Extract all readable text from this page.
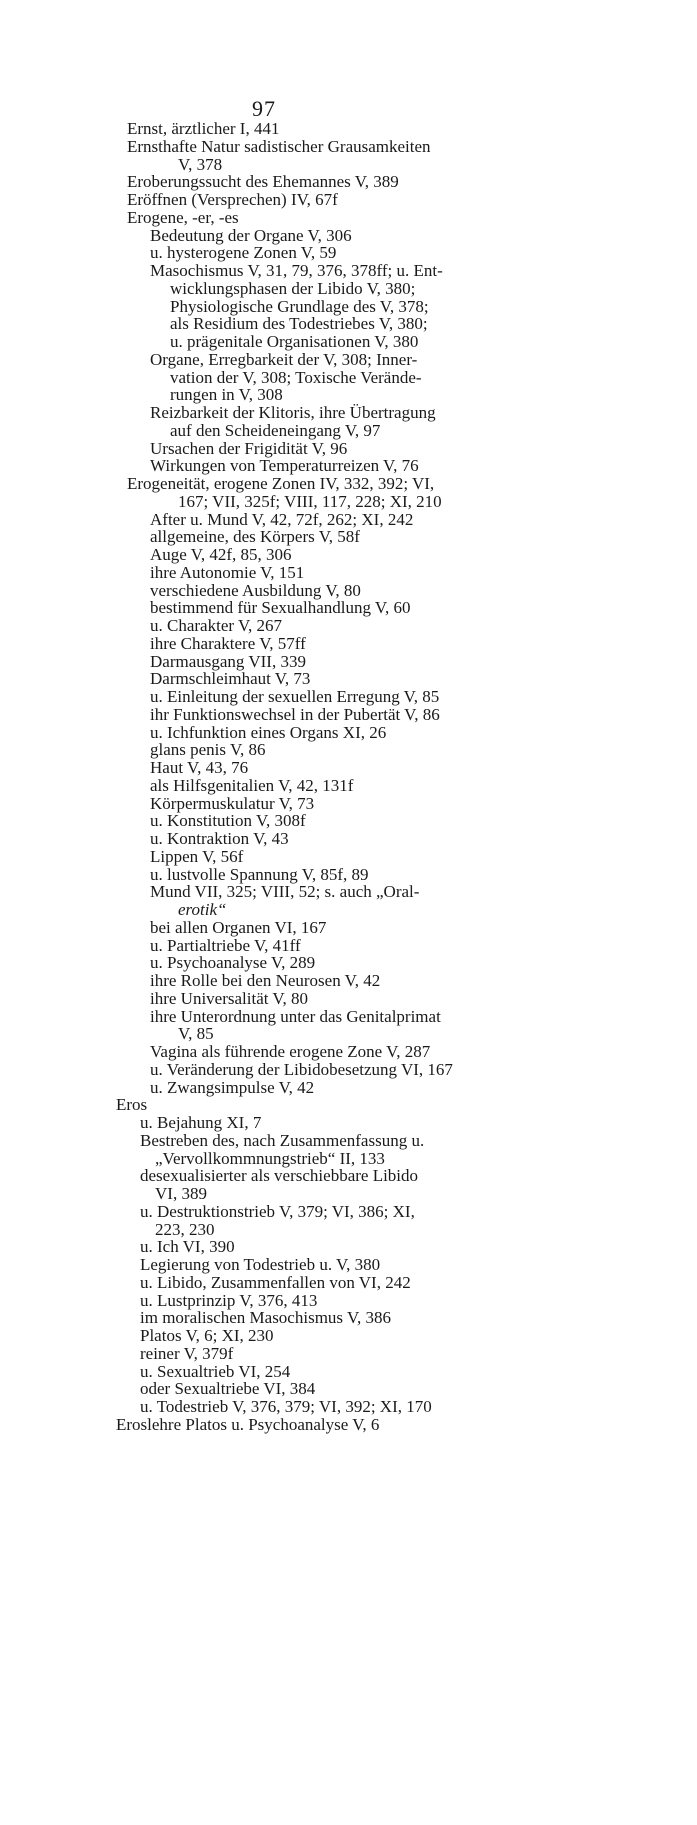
97
Ernst, ärztlicher I, 441
Ernsthafte Natur sadistischer Grausamkeiten
V, 378
Eroberungssucht des Ehemannes V, 389
Eröffnen (Versprechen) IV, 67f
Erogene, -er, -es
Bedeutung der Organe V, 306
u. hysterogene Zonen V, 59
Masochismus V, 31, 79, 376, 378ff; u. Ent-
wicklungsphasen der Libido V, 380;
Physiologische Grundlage des V, 378;
als Residium des Todestriebes V, 380;
u. prägenitale Organisationen V, 380
Organe, Erregbarkeit der V, 308; Inner-
vation der V, 308; Toxische Verände-
rungen in V, 308
Reizbarkeit der Klitoris, ihre Übertragung
auf den Scheideneingang V, 97
Ursachen der Frigidität V, 96
Wirkungen von Temperaturreizen V, 76
Erogeneität, erogene Zonen IV, 332, 392; VI,
167; VII, 325f; VIII, 117, 228; XI, 210
After u. Mund V, 42, 72f, 262; XI, 242
allgemeine, des Körpers V, 58f
Auge V, 42f, 85, 306
ihre Autonomie V, 151
verschiedene Ausbildung V, 80
bestimmend für Sexualhandlung V, 60
u. Charakter V, 267
ihre Charaktere V, 57ff
Darmausgang VII, 339
Darmschleimhaut V, 73
u. Einleitung der sexuellen Erregung V, 85
ihr Funktionswechsel in der Pubertät V, 86
u. Ichfunktion eines Organs XI, 26
glans penis V, 86
Haut V, 43, 76
als Hilfsgenitalien V, 42, 131f
Körpermuskulatur V, 73
u. Konstitution V, 308f
u. Kontraktion V, 43
Lippen V, 56f
u. lustvolle Spannung V, 85f, 89
Mund VII, 325; VIII, 52; s. auch „Oral-
erotik“
bei allen Organen VI, 167
u. Partialtriebe V, 41ff
u. Psychoanalyse V, 289
ihre Rolle bei den Neurosen V, 42
ihre Universalität V, 80
ihre Unterordnung unter das Genitalprimat
V, 85
Vagina als führende erogene Zone V, 287
u. Veränderung der Libidobesetzung VI, 167
u. Zwangsimpulse V, 42
Eros
u. Bejahung XI, 7
Bestreben des, nach Zusammenfassung u.
„Vervollkommnungstrieb“ II, 133
desexualisierter als verschiebbare Libido
VI, 389
u. Destruktionstrieb V, 379; VI, 386; XI,
223, 230
u. Ich VI, 390
Legierung von Todestrieb u. V, 380
u. Libido, Zusammenfallen von VI, 242
u. Lustprinzip V, 376, 413
im moralischen Masochismus V, 386
Platos V, 6; XI, 230
reiner V, 379f
u. Sexualtrieb VI, 254
oder Sexualtriebe VI, 384
u. Todestrieb V, 376, 379; VI, 392; XI, 170
Eroslehre Platos u. Psychoanalyse V, 6
